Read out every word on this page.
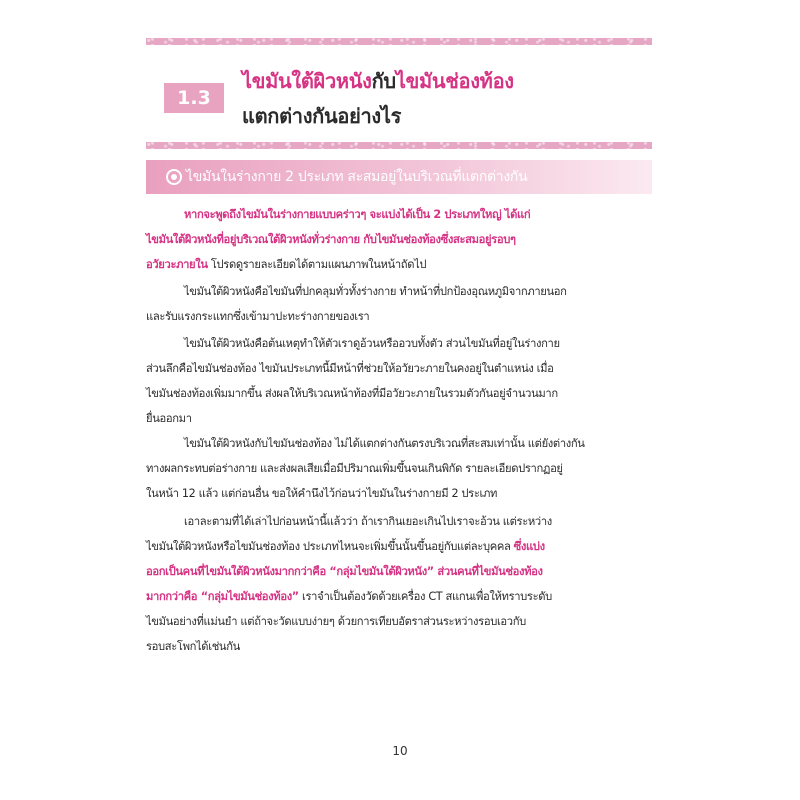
1.3
ไขมันใต้ผิวหนังกับไขมันช่องท้อง
แตกต่างกันอย่างไร
ไขมันในร่างกาย 2 ประเภท สะสมอยู่ในบริเวณที่แตกต่างกัน
หากจะพูดถึงไขมันในร่างกายแบบคร่าวๆ จะแบ่งได้เป็น 2 ประเภทใหญ่ ได้แก่
ไขมันใต้ผิวหนังที่อยู่บริเวณใต้ผิวหนังทั่วร่างกาย กับไขมันช่องท้องซึ่งสะสมอยู่รอบๆ
อวัยวะภายใน โปรดดูรายละเอียดได้ตามแผนภาพในหน้าถัดไป
ไขมันใต้ผิวหนังคือไขมันที่ปกคลุมทั่วทั้งร่างกาย ทำหน้าที่ปกป้องอุณหภูมิจากภายนอก
และรับแรงกระแทกซึ่งเข้ามาปะทะร่างกายของเรา
ไขมันใต้ผิวหนังคือต้นเหตุทำให้ตัวเราดูอ้วนหรืออวบทั้งตัว ส่วนไขมันที่อยู่ในร่างกาย
ส่วนลึกคือไขมันช่องท้อง ไขมันประเภทนี้มีหน้าที่ช่วยให้อวัยวะภายในคงอยู่ในตำแหน่ง เมื่อ
ไขมันช่องท้องเพิ่มมากขึ้น ส่งผลให้บริเวณหน้าท้องที่มีอวัยวะภายในรวมตัวกันอยู่จำนวนมาก
ยื่นออกมา
ไขมันใต้ผิวหนังกับไขมันช่องท้อง ไม่ได้แตกต่างกันตรงบริเวณที่สะสมเท่านั้น แต่ยังต่างกัน
ทางผลกระทบต่อร่างกาย และส่งผลเสียเมื่อมีปริมาณเพิ่มขึ้นจนเกินพิกัด รายละเอียดปรากฏอยู่
ในหน้า 12 แล้ว แต่ก่อนอื่น ขอให้คำนึงไว้ก่อนว่าไขมันในร่างกายมี 2 ประเภท
เอาละตามที่ได้เล่าไปก่อนหน้านี้แล้วว่า ถ้าเรากินเยอะเกินไปเราจะอ้วน แต่ระหว่าง
ไขมันใต้ผิวหนังหรือไขมันช่องท้อง ประเภทไหนจะเพิ่มขึ้นนั้นขึ้นอยู่กับแต่ละบุคคล ซึ่งแบ่ง
ออกเป็นคนที่ไขมันใต้ผิวหนังมากกว่าคือ “กลุ่มไขมันใต้ผิวหนัง” ส่วนคนที่ไขมันช่องท้อง
มากกว่าคือ “กลุ่มไขมันช่องท้อง” เราจำเป็นต้องวัดด้วยเครื่อง CT สแกนเพื่อให้ทราบระดับ
ไขมันอย่างที่แม่นยำ แต่ถ้าจะวัดแบบง่ายๆ ด้วยการเทียบอัตราส่วนระหว่างรอบเอวกับ
รอบสะโพกได้เช่นกัน
10
